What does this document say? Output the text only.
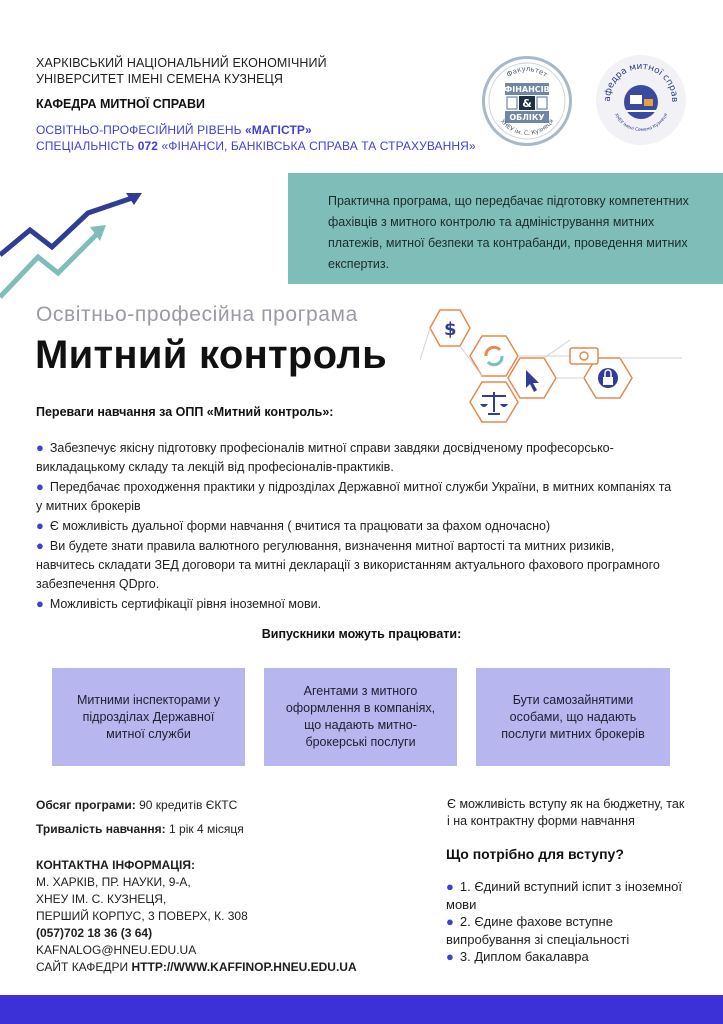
ХАРКІВСЬКИЙ НАЦІОНАЛЬНИЙ ЕКОНОМІЧНИЙ
УНІВЕРСИТЕТ ІМЕНІ СЕМЕНА КУЗНЕЦЯ
КАФЕДРА МИТНОЇ СПРАВИ
ОСВІТНЬО-ПРОФЕСІЙНИЙ РІВЕНЬ «МАГІСТР»
СПЕЦІАЛЬНІСТЬ 072 «ФІНАНСИ, БАНКІВСЬКА СПРАВА ТА СТРАХУВАННЯ»
Факультет
ФІНАНСІВ
&
ОБЛІКУ
ХНЕУ ім. С. Кузнеця
афедра митної справ
ХНЕУ імені Семена Кузнеця
Практична програма, що передбачає підготовку компетентних фахівців з митного контролю та адміністрування митних платежів, митної безпеки та контрабанди, проведення митних експертиз.
Освітньо-професійна програма
Митний контроль
$
Переваги навчання за ОПП «Митний контроль»:
● Забезпечує якісну підготовку професіоналів митної справи завдяки досвідченому професорсько-викладацькому складу та лекцій від професіоналів-практиків.
● Передбачає проходження практики у підрозділах Державної митної служби України, в митних компаніях та у митних брокерів
● Є можливість дуальної форми навчання ( вчитися та працювати за фахом одночасно)
● Ви будете знати правила валютного регулювання, визначення митної вартості та митних ризиків, навчитесь складати ЗЕД договори та митні декларації з використанням актуального фахового програмного забезпечення QDpro.
● Можливість сертифікації рівня іноземної мови.
Випускники можуть працювати:
Митними інспекторами у підрозділах Державної митної служби
Агентами з митного оформлення в компаніях, що надають митно-брокерські послуги
Бути самозайнятими особами, що надають послуги митних брокерів
Обсяг програми: 90 кредитів ЄКТС
Тривалість навчання: 1 рік 4 місяця
КОНТАКТНА ІНФОРМАЦІЯ:
М. ХАРКІВ, ПР. НАУКИ, 9-А,
ХНЕУ ІМ. С. КУЗНЕЦЯ,
ПЕРШИЙ КОРПУС, 3 ПОВЕРХ, К. 308
(057)702 18 36 (3 64)
KAFNALOG@HNEU.EDU.UA
САЙТ КАФЕДРИ HTTP://WWW.KAFFINOP.HNEU.EDU.UA
Є можливість вступу як на бюджетну, так і на контрактну форми навчання
Що потрібно для вступу?
● 1. Єдиний вступний іспит з іноземної мови
● 2. Єдине фахове вступне випробування зі спеціальності
● 3. Диплом бакалавра
